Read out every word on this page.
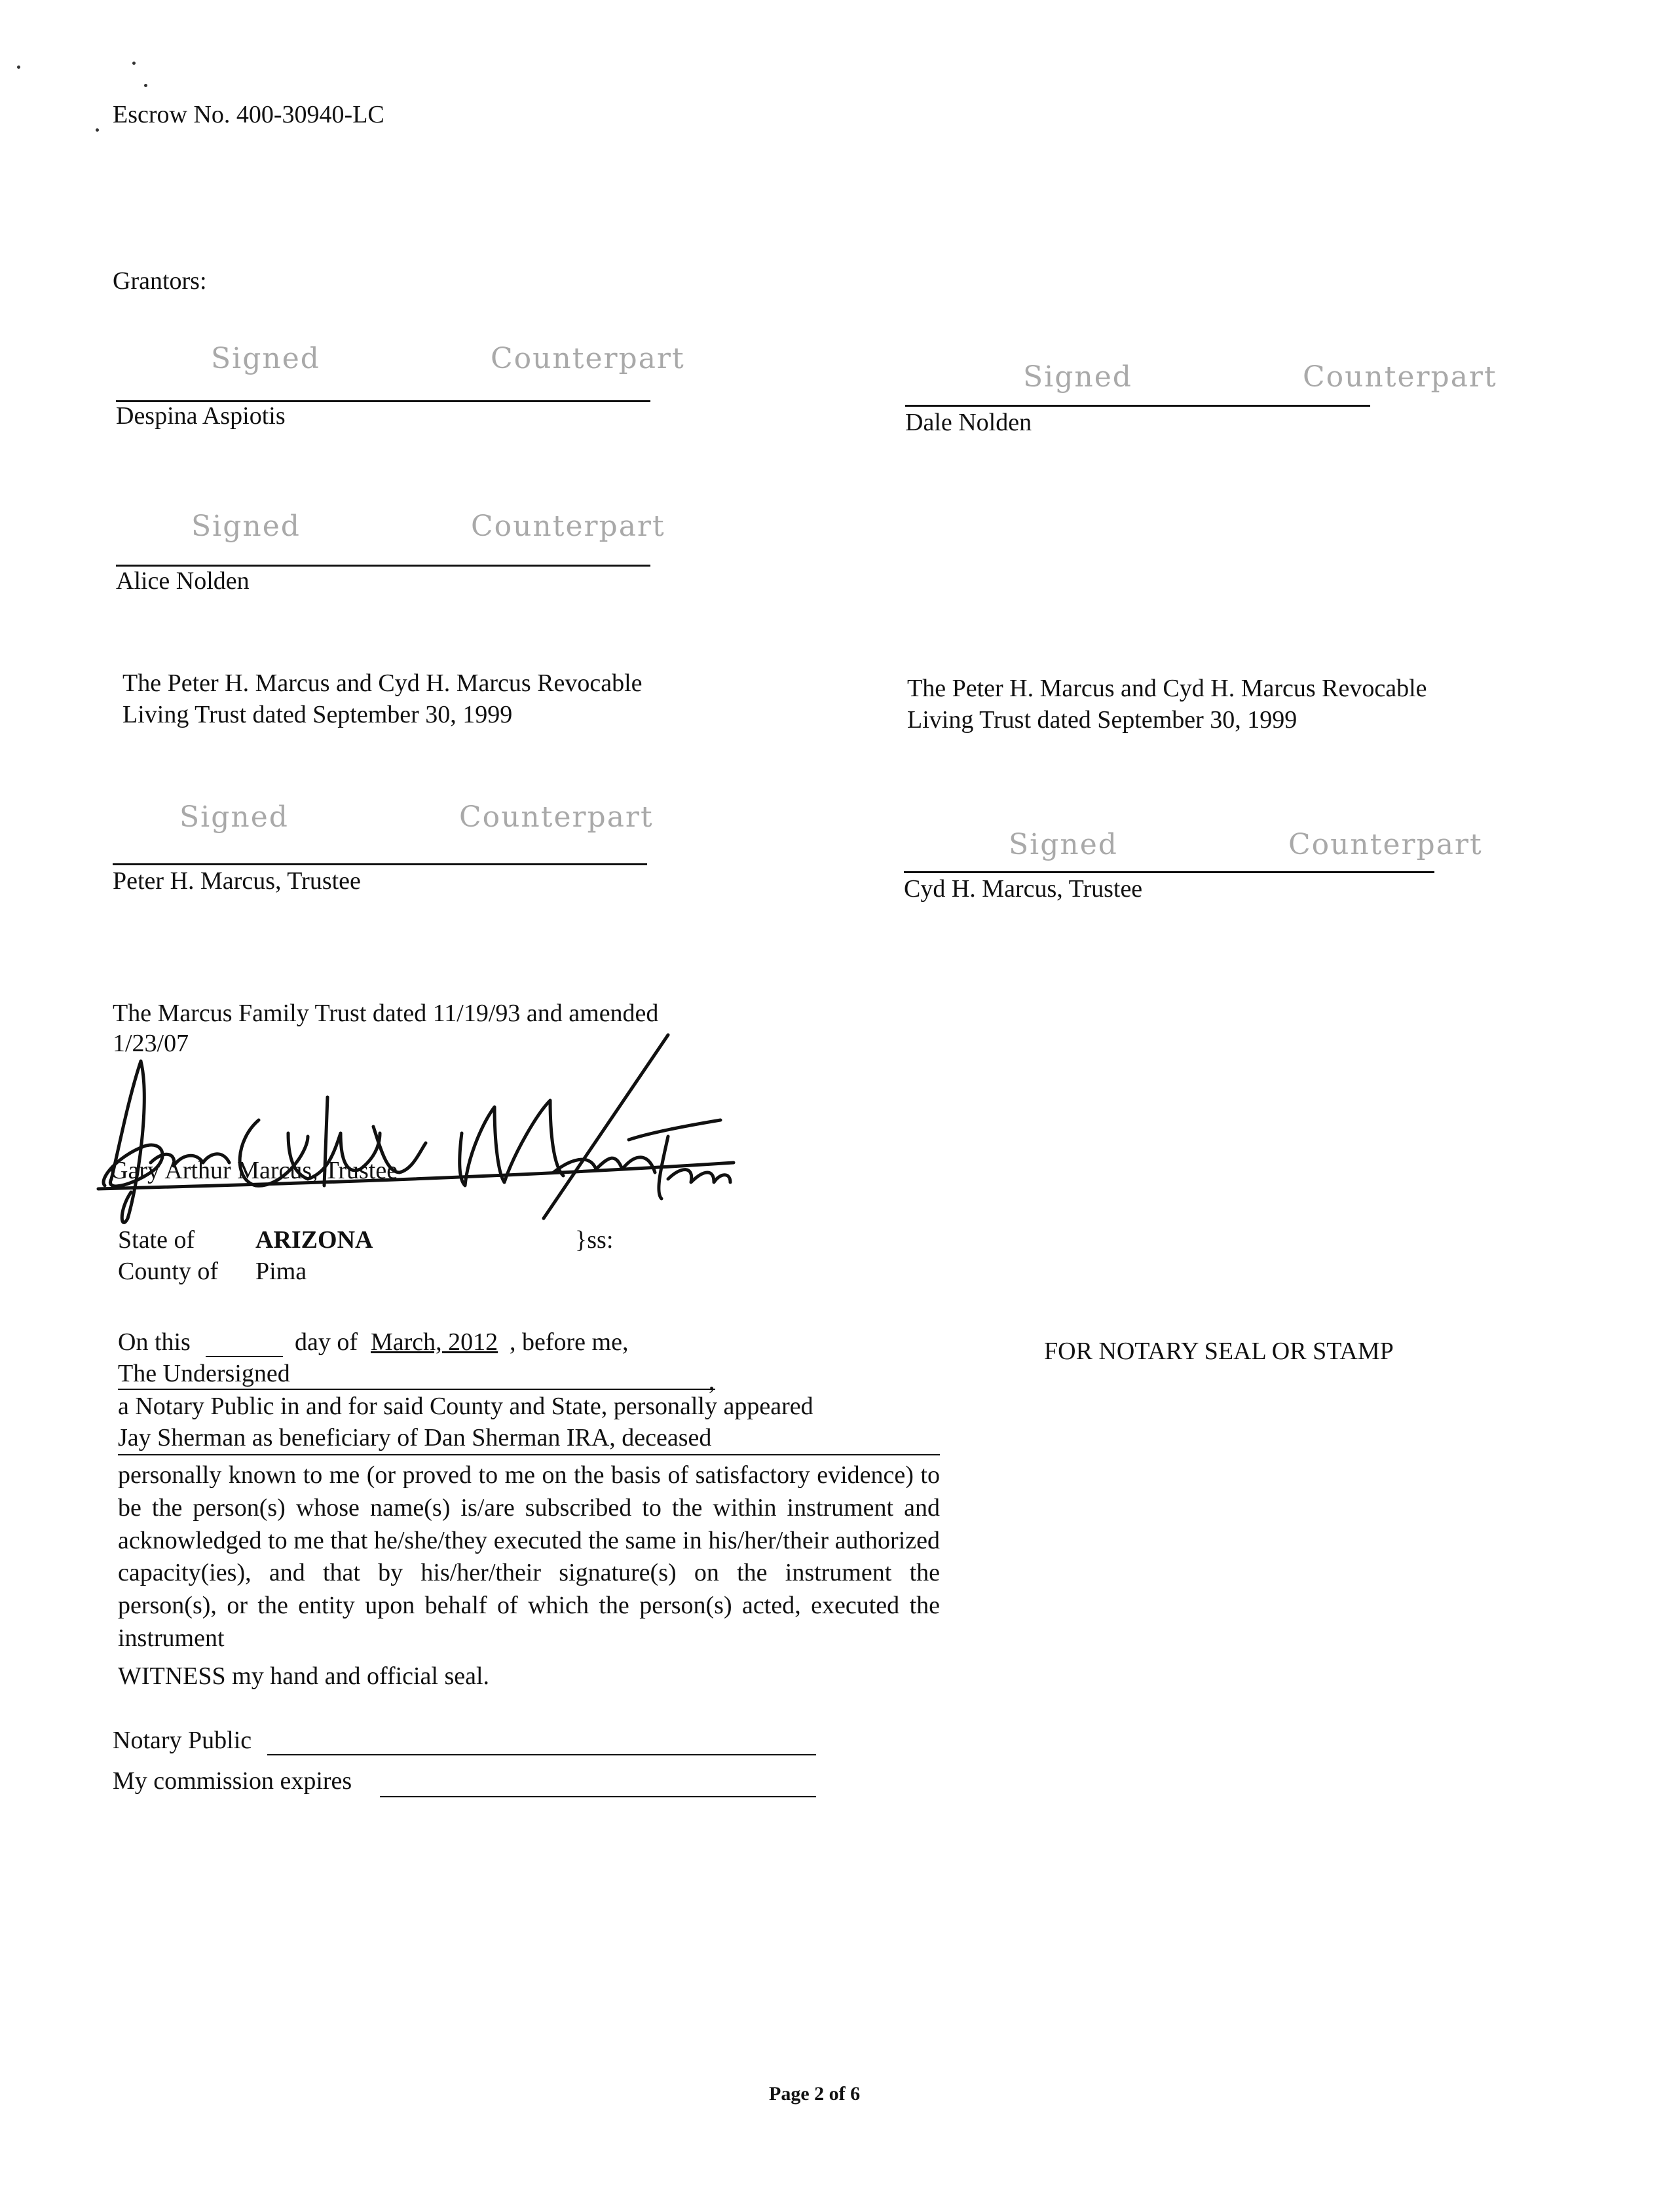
Escrow No. 400-30940-LC
Grantors:
Signed	Counterpart
Despina Aspiotis
Signed	Counterpart
Dale Nolden
Signed	Counterpart
Alice Nolden
The Peter H. Marcus and Cyd H. Marcus Revocable
Living Trust dated September 30, 1999
The Peter H. Marcus and Cyd H. Marcus Revocable
Living Trust dated September 30, 1999
Signed	Counterpart
Peter H. Marcus, Trustee
Signed	Counterpart
Cyd H. Marcus, Trustee
The Marcus Family Trust dated 11/19/93 and amended
1/23/07
Gary Arthur Marcus, Trustee
State of ARIZONA	}ss:
County of Pima
On this	day of March, 2012 , before me,
The Undersigned	,
a Notary Public in and for said County and State, personally appeared
Jay Sherman as beneficiary of Dan Sherman IRA, deceased
personally known to me (or proved to me on the basis of satisfactory evidence) to be the person(s) whose name(s) is/are subscribed to the within instrument and acknowledged to me that he/she/they executed the same in his/her/their authorized capacity(ies), and that by his/her/their signature(s) on the instrument the person(s), or the entity upon behalf of which the person(s) acted, executed the instrument
WITNESS my hand and official seal.
Notary Public
My commission expires
FOR NOTARY SEAL OR STAMP
Page 2 of 6
